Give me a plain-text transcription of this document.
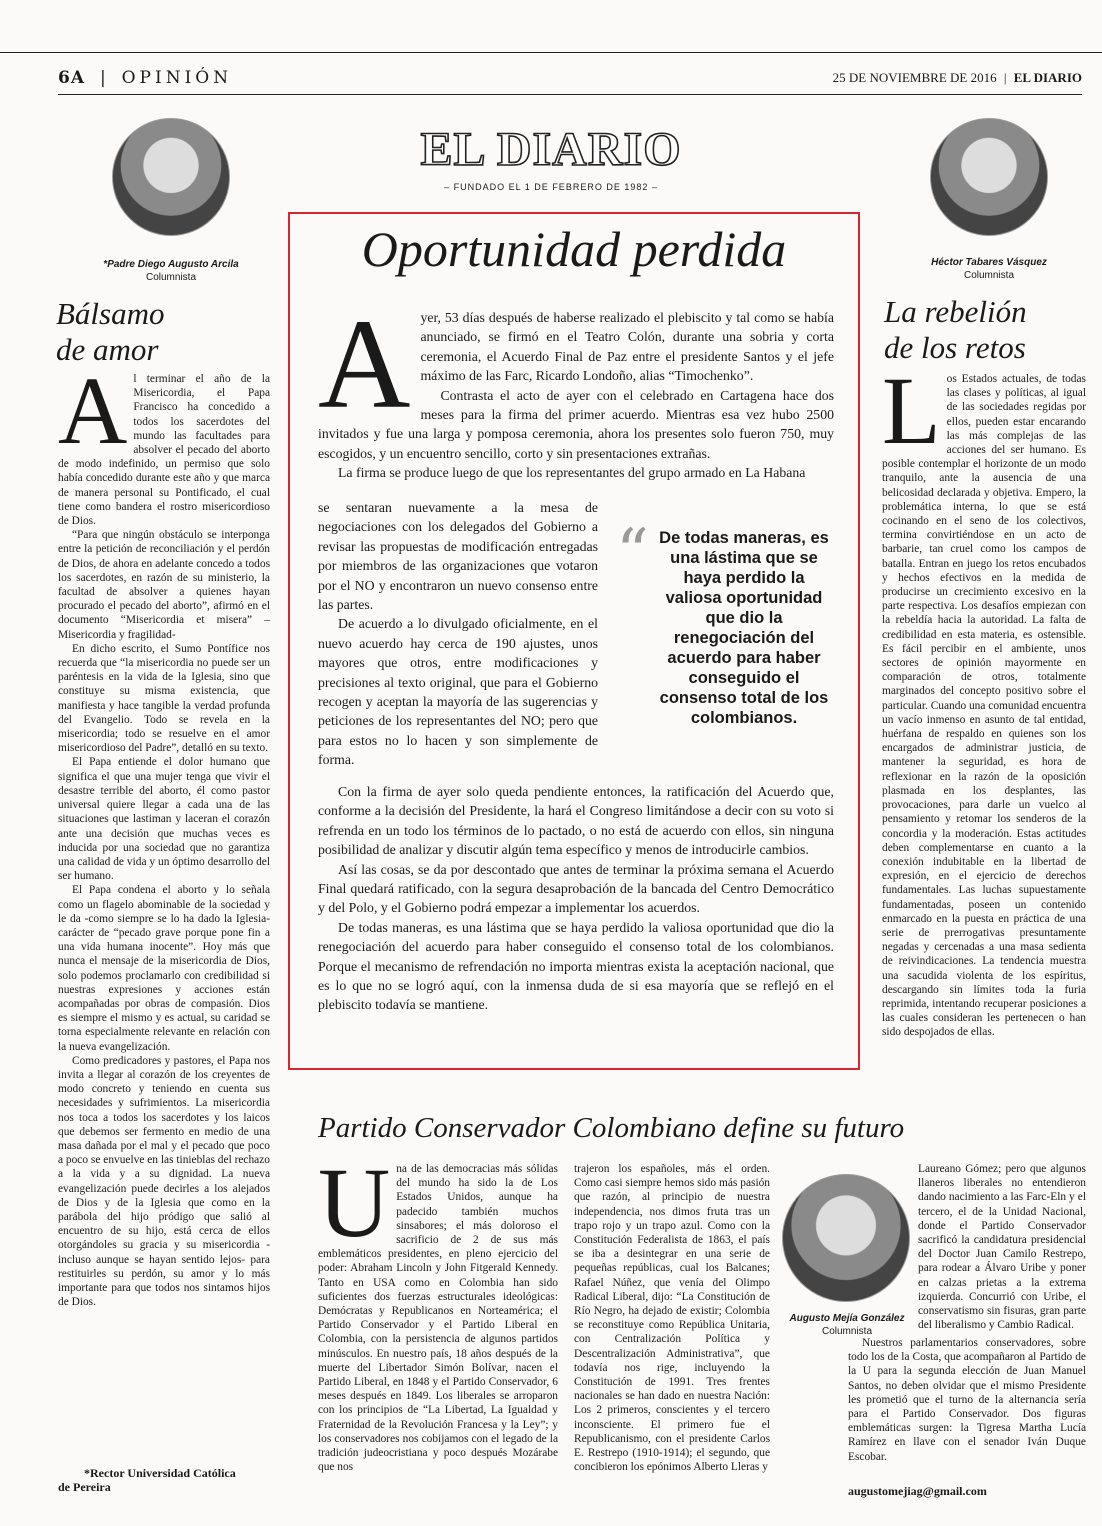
6A | OPINIÓN	25 DE NOVIEMBRE DE 2016 | EL DIARIO
EL DIARIO
– FUNDADO EL 1 DE FEBRERO DE 1982 –
*Padre Diego Augusto Arcila
Columnista
Bálsamo
de amor

Al terminar el año de la Misericordia, el Papa Francisco ha concedido a todos los sacerdotes del mundo las facultades para absolver el pecado del aborto de modo indefinido, un permiso que solo había concedido durante este año y que marca de manera personal su Pontificado, el cual tiene como bandera el rostro misericordioso de Dios.

“Para que ningún obstáculo se interponga entre la petición de reconciliación y el perdón de Dios, de ahora en adelante concedo a todos los sacerdotes, en razón de su ministerio, la facultad de absolver a quienes hayan procurado el pecado del aborto”, afirmó en el documento “Misericordia et misera” –Misericordia y fragilidad-

En dicho escrito, el Sumo Pontífice nos recuerda que “la misericordia no puede ser un paréntesis en la vida de la Iglesia, sino que constituye su misma existencia, que manifiesta y hace tangible la verdad profunda del Evangelio. Todo se revela en la misericordia; todo se resuelve en el amor misericordioso del Padre”, detalló en su texto.

El Papa entiende el dolor humano que significa el que una mujer tenga que vivir el desastre terrible del aborto, él como pastor universal quiere llegar a cada una de las situaciones que lastiman y laceran el corazón ante una decisión que muchas veces es inducida por una sociedad que no garantiza una calidad de vida y un óptimo desarrollo del ser humano.

El Papa condena el aborto y lo señala como un flagelo abominable de la sociedad y le da -como siempre se lo ha dado la Iglesia- carácter de “pecado grave porque pone fin a una vida humana inocente”. Hoy más que nunca el mensaje de la misericordia de Dios, solo podemos proclamarlo con credibilidad si nuestras expresiones y acciones están acompañadas por obras de compasión. Dios es siempre el mismo y es actual, su caridad se torna especialmente relevante en relación con la nueva evangelización.

Como predicadores y pastores, el Papa nos invita a llegar al corazón de los creyentes de modo concreto y teniendo en cuenta sus necesidades y sufrimientos. La misericordia nos toca a todos los sacerdotes y los laicos que debemos ser fermento en medio de una masa dañada por el mal y el pecado que poco a poco se envuelve en las tinieblas del rechazo a la vida y a su dignidad. La nueva evangelización puede decirles a los alejados de Dios y de la Iglesia que como en la parábola del hijo pródigo que salió al encuentro de su hijo, está cerca de ellos otorgándoles su gracia y su misericordia -incluso aunque se hayan sentido lejos- para restituirles su perdón, su amor y lo más importante para que todos nos sintamos hijos de Dios.

*Rector Universidad Católica
de Pereira
Oportunidad perdida

Ayer, 53 días después de haberse realizado el plebiscito y tal como se había anunciado, se firmó en el Teatro Colón, durante una sobria y corta ceremonia, el Acuerdo Final de Paz entre el presidente Santos y el jefe máximo de las Farc, Ricardo Londoño, alias “Timochenko”.

Contrasta el acto de ayer con el celebrado en Cartagena hace dos meses para la firma del primer acuerdo. Mientras esa vez hubo 2500 invitados y fue una larga y pomposa ceremonia, ahora los presentes solo fueron 750, muy escogidos, y un encuentro sencillo, corto y sin presentaciones extrañas.

La firma se produce luego de que los representantes del grupo armado en La Habana

se sentaran nuevamente a la mesa de negociaciones con los delegados del Gobierno a revisar las propuestas de modificación entregadas por miembros de las organizaciones que votaron por el NO y encontraron un nuevo consenso entre las partes.

De acuerdo a lo divulgado oficialmente, en el nuevo acuerdo hay cerca de 190 ajustes, unos mayores que otros, entre modificaciones y precisiones al texto original, que para el Gobierno recogen y aceptan la mayoría de las sugerencias y peticiones de los representantes del NO; pero que para estos no lo hacen y son simplemente de forma.

“ De todas maneras, es una lástima que se haya perdido la valiosa oportunidad que dio la renegociación del acuerdo para haber conseguido el consenso total de los colombianos.

Con la firma de ayer solo queda pendiente entonces, la ratificación del Acuerdo que, conforme a la decisión del Presidente, la hará el Congreso limitándose a decir con su voto si refrenda en un todo los términos de lo pactado, o no está de acuerdo con ellos, sin ninguna posibilidad de analizar y discutir algún tema específico y menos de introducirle cambios.

Así las cosas, se da por descontado que antes de terminar la próxima semana el Acuerdo Final quedará ratificado, con la segura desaprobación de la bancada del Centro Democrático y del Polo, y el Gobierno podrá empezar a implementar los acuerdos.

De todas maneras, es una lástima que se haya perdido la valiosa oportunidad que dio la renegociación del acuerdo para haber conseguido el consenso total de los colombianos. Porque el mecanismo de refrendación no importa mientras exista la aceptación nacional, que es lo que no se logró aquí, con la inmensa duda de si esa mayoría que se reflejó en el plebiscito todavía se mantiene.

Héctor Tabares Vásquez
Columnista
La rebelión
de los retos

Los Estados actuales, de todas las clases y políticas, al igual de las sociedades regidas por ellos, pueden estar encarando las más complejas de las acciones del ser humano. Es posible contemplar el horizonte de un modo tranquilo, ante la ausencia de una belicosidad declarada y objetiva. Empero, la problemática interna, lo que se está cocinando en el seno de los colectivos, termina convirtiéndose en un acto de barbarie, tan cruel como los campos de batalla. Entran en juego los retos encubados y hechos efectivos en la medida de producirse un crecimiento excesivo en la parte respectiva. Los desafíos empiezan con la rebeldía hacia la autoridad. La falta de credibilidad en esta materia, es ostensible. Es fácil percibir en el ambiente, unos sectores de opinión mayormente en comparación de otros, totalmente marginados del concepto positivo sobre el particular. Cuando una comunidad encuentra un vacío inmenso en asunto de tal entidad, huérfana de respaldo en quienes son los encargados de administrar justicia, de mantener la seguridad, es hora de reflexionar en la razón de la oposición plasmada en los desplantes, las provocaciones, para darle un vuelco al pensamiento y retomar los senderos de la concordia y la moderación. Estas actitudes deben complementarse en cuanto a la conexión indubitable en la libertad de expresión, en el ejercicio de derechos fundamentales. Las luchas supuestamente fundamentadas, poseen un contenido enmarcado en la puesta en práctica de una serie de prerrogativas presuntamente negadas y cercenadas a una masa sedienta de reivindicaciones. La tendencia muestra una sacudida violenta de los espíritus, descargando sin límites toda la furia reprimida, intentando recuperar posiciones a las cuales consideran les pertenecen o han sido despojados de ellas.

Partido Conservador Colombiano define su futuro

Una de las democracias más sólidas del mundo ha sido la de Los Estados Unidos, aunque ha padecido también muchos sinsabores; el más doloroso el sacrificio de 2 de sus más emblemáticos presidentes, en pleno ejercicio del poder: Abraham Lincoln y John Fitgerald Kennedy. Tanto en USA como en Colombia han sido suficientes dos fuerzas estructurales ideológicas: Demócratas y Republicanos en Norteamérica; el Partido Conservador y el Partido Liberal en Colombia, con la persistencia de algunos partidos minúsculos. En nuestro país, 18 años después de la muerte del Libertador Simón Bolívar, nacen el Partido Liberal, en 1848 y el Partido Conservador, 6 meses después en 1849. Los liberales se arroparon con los principios de “La Libertad, La Igualdad y Fraternidad de la Revolución Francesa y la Ley”; y los conservadores nos cobijamos con el legado de la tradición judeocristiana y poco después Mozárabe que nos

trajeron los españoles, más el orden. Como casi siempre hemos sido más pasión que razón, al principio de nuestra independencia, nos dimos fruta tras un trapo rojo y un trapo azul. Como con la Constitución Federalista de 1863, el país se iba a desintegrar en una serie de pequeñas repúblicas, cual los Balcanes; Rafael Núñez, que venía del Olimpo Radical Liberal, dijo: “La Constitución de Río Negro, ha dejado de existir; Colombia se reconstituye como República Unitaria, con Centralización Política y Descentralización Administrativa”, que todavía nos rige, incluyendo la Constitución de 1991. Tres frentes nacionales se han dado en nuestra Nación: Los 2 primeros, conscientes y el tercero inconsciente. El primero fue el Republicanismo, con el presidente Carlos E. Restrepo (1910-1914); el segundo, que concibieron los epónimos Alberto Lleras y

Augusto Mejía González
Columnista

Laureano Gómez; pero que algunos llaneros liberales no entendieron dando nacimiento a las Farc-Eln y el tercero, el de la Unidad Nacional, donde el Partido Conservador sacrificó la candidatura presidencial del Doctor Juan Camilo Restrepo, para rodear a Álvaro Uribe y poner en calzas prietas a la extrema izquierda. Concurrió con Uribe, el conservatismo sin fisuras, gran parte del liberalismo y Cambio Radical.

Nuestros parlamentarios conservadores, sobre todo los de la Costa, que acompañaron al Partido de la U para la segunda elección de Juan Manuel Santos, no deben olvidar que el mismo Presidente les prometió que el turno de la alternancia sería para el Partido Conservador. Dos figuras emblemáticas surgen: la Tigresa Martha Lucía Ramírez en llave con el senador Iván Duque Escobar.

augustomejiag@gmail.com
